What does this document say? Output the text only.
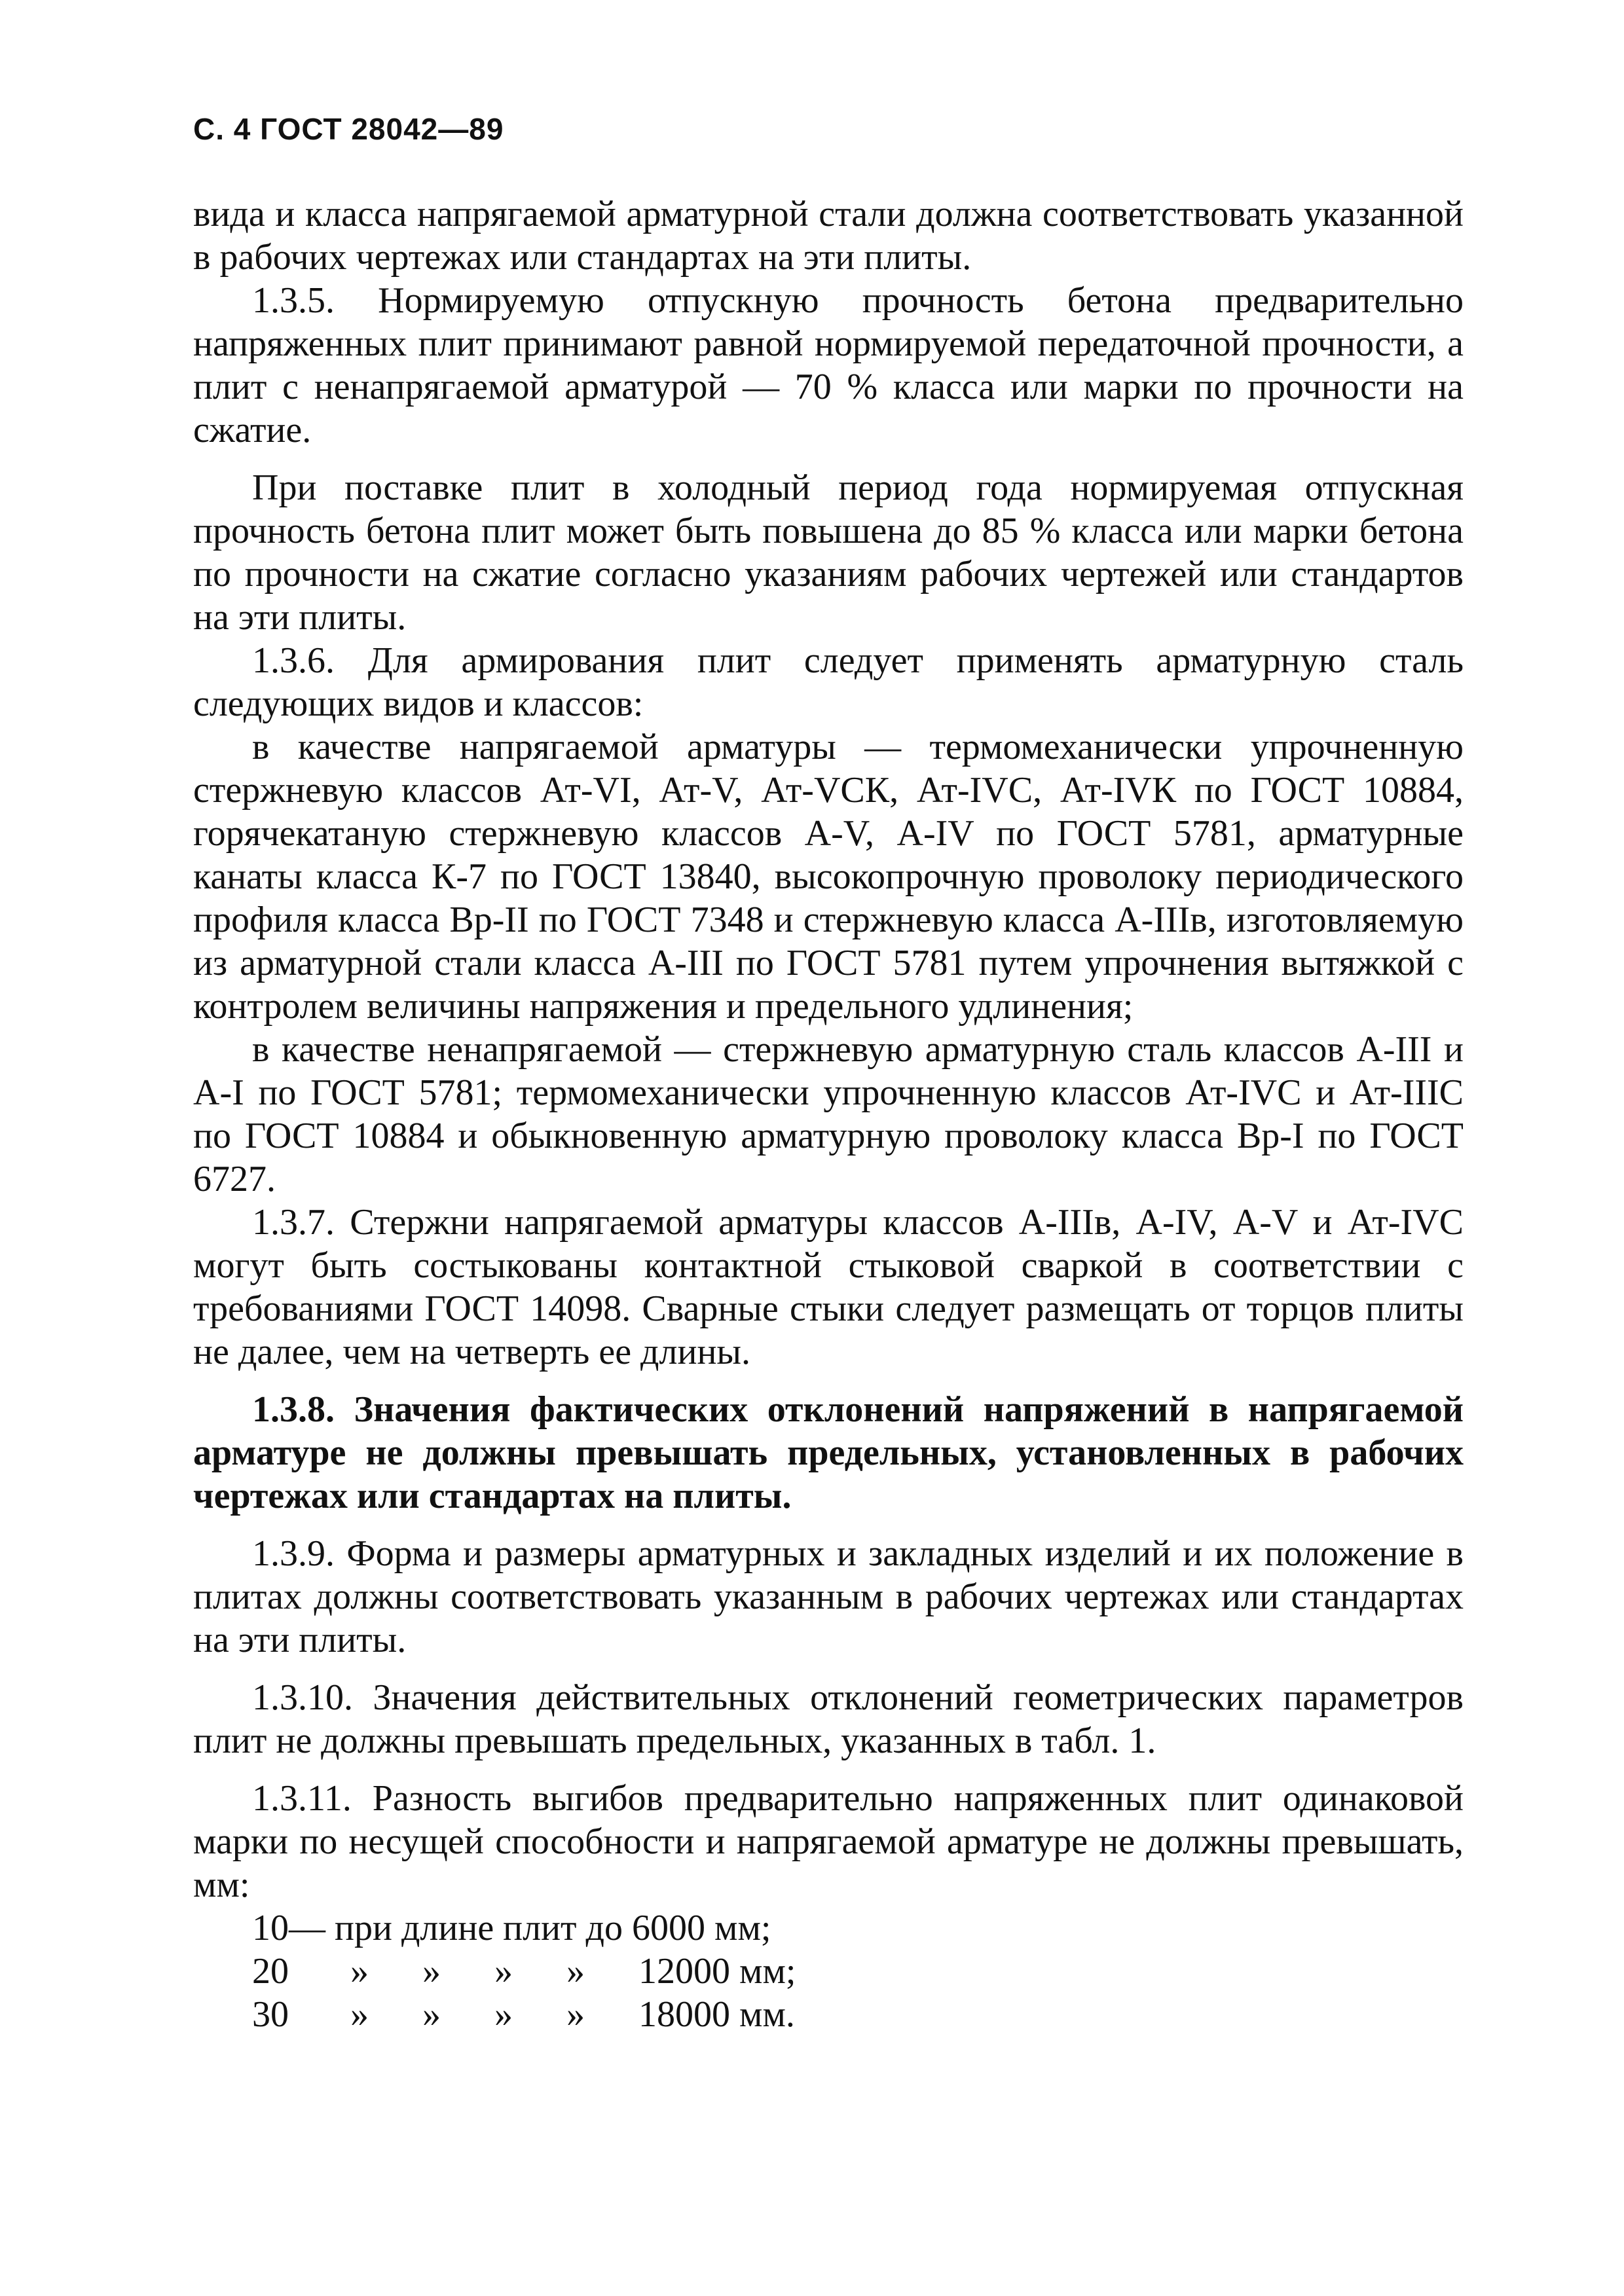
С. 4 ГОСТ 28042—89

вида и класса напрягаемой арматурной стали должна соответствовать указанной в рабочих чертежах или стандартах на эти плиты.

1.3.5. Нормируемую отпускную прочность бетона предварительно напряженных плит принимают равной нормируемой передаточной прочности, а плит с ненапрягаемой арматурой — 70 % класса или марки по прочности на сжатие.

При поставке плит в холодный период года нормируемая отпускная прочность бетона плит может быть повышена до 85 % класса или марки бетона по прочности на сжатие согласно указаниям рабочих чертежей или стандартов на эти плиты.

1.3.6. Для армирования плит следует применять арматурную сталь следующих видов и классов:

в качестве напрягаемой арматуры — термомеханически упрочненную стержневую классов Ат-VI, Ат-V, Ат-VCК, Ат-IVC, Ат-IVК по ГОСТ 10884, горячекатаную стержневую классов А-V, А-IV по ГОСТ 5781, арматурные канаты класса К-7 по ГОСТ 13840, высокопрочную проволоку периодического профиля класса Вр-II по ГОСТ 7348 и стержневую класса А-IIIв, изготовляемую из арматурной стали класса А-III по ГОСТ 5781 путем упрочнения вытяжкой с контролем величины напряжения и предельного удлинения;

в качестве ненапрягаемой — стержневую арматурную сталь классов А-III и А-I по ГОСТ 5781; термомеханически упрочненную классов Ат-IVC и Ат-IIIC по ГОСТ 10884 и обыкновенную арматурную проволоку класса Вр-I по ГОСТ 6727.

1.3.7. Стержни напрягаемой арматуры классов А-IIIв, А-IV, А-V и Ат-IVC могут быть состыкованы контактной стыковой сваркой в соответствии с требованиями ГОСТ 14098. Сварные стыки следует размещать от торцов плиты не далее, чем на четверть ее длины.

1.3.8. Значения фактических отклонений напряжений в напрягаемой арматуре не должны превышать предельных, установленных в рабочих чертежах или стандартах на плиты.

1.3.9. Форма и размеры арматурных и закладных изделий и их положение в плитах должны соответствовать указанным в рабочих чертежах или стандартах на эти плиты.

1.3.10. Значения действительных отклонений геометрических параметров плит не должны превышать предельных, указанных в табл. 1.

1.3.11. Разность выгибов предварительно напряженных плит одинаковой марки по несущей способности и напрягаемой арматуре не должны превышать, мм:

10 — при длине плит до 6000 мм;
20	»	»	»	»	12000 мм;
30	»	»	»	»	18000 мм.
